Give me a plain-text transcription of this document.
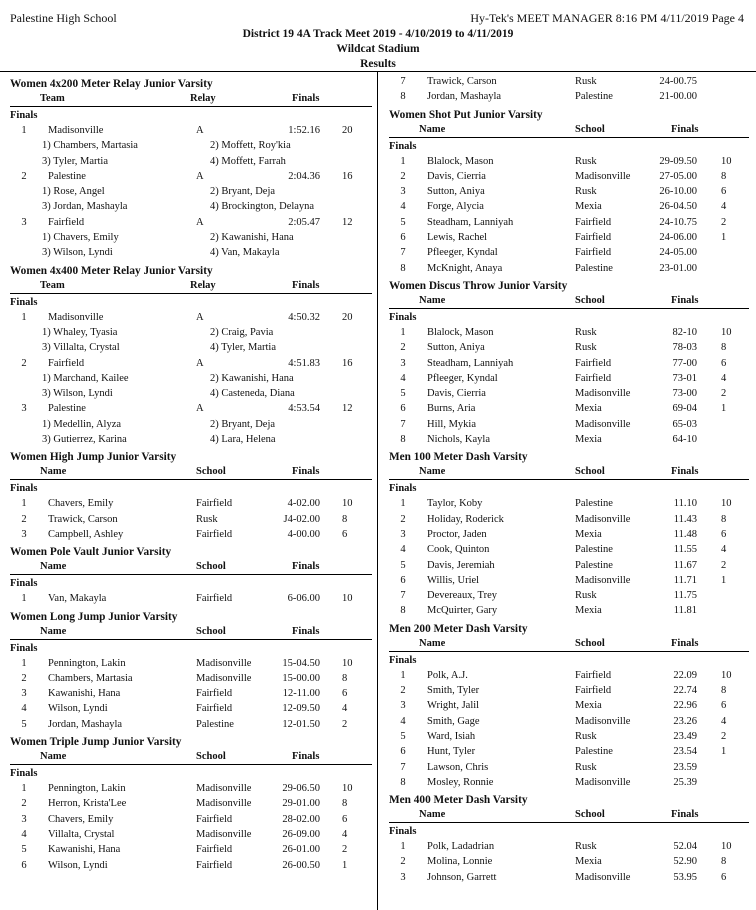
Palestine High School	Hy-Tek's MEET MANAGER 8:16 PM 4/11/2019 Page 4
District 19 4A Track Meet 2019 - 4/10/2019 to 4/11/2019
Wildcat Stadium
Results
Women 4x200 Meter Relay Junior Varsity
Team	Relay	Finals
Finals
1	Madisonville	A	1:52.16 20
1) Chambers, Martasia	2) Moffett, Roy'kia
3) Tyler, Martia	4) Moffett, Farrah
2	Palestine	A	2:04.36 16
1) Rose, Angel	2) Bryant, Deja
3) Jordan, Mashayla	4) Brockington, Delayna
3	Fairfield	A	2:05.47 12
1) Chavers, Emily	2) Kawanishi, Hana
3) Wilson, Lyndi	4) Van, Makayla
Women 4x400 Meter Relay Junior Varsity
Team	Relay	Finals
Finals
1	Madisonville	A	4:50.32 20
1) Whaley, Tyasia	2) Craig, Pavia
3) Villalta, Crystal	4) Tyler, Martia
2	Fairfield	A	4:51.83 16
1) Marchand, Kailee	2) Kawanishi, Hana
3) Wilson, Lyndi	4) Casteneda, Diana
3	Palestine	A	4:53.54 12
1) Medellin, Alyza	2) Bryant, Deja
3) Gutierrez, Karina	4) Lara, Helena
Women High Jump Junior Varsity
Name	School	Finals
Finals
1	Chavers, Emily	Fairfield	4-02.00 10
2	Trawick, Carson	Rusk	J4-02.00 8
3	Campbell, Ashley	Fairfield	4-00.00 6
Women Pole Vault Junior Varsity
Name	School	Finals
Finals
1	Van, Makayla	Fairfield	6-06.00 10
Women Long Jump Junior Varsity
Name	School	Finals
Finals
1	Pennington, Lakin	Madisonville	15-04.50 10
2	Chambers, Martasia	Madisonville	15-00.00 8
3	Kawanishi, Hana	Fairfield	12-11.00 6
4	Wilson, Lyndi	Fairfield	12-09.50 4
5	Jordan, Mashayla	Palestine	12-01.50 2
Women Triple Jump Junior Varsity
Name	School	Finals
Finals
1	Pennington, Lakin	Madisonville	29-06.50 10
2	Herron, Krista'Lee	Madisonville	29-01.00 8
3	Chavers, Emily	Fairfield	28-02.00 6
4	Villalta, Crystal	Madisonville	26-09.00 4
5	Kawanishi, Hana	Fairfield	26-01.00 2
6	Wilson, Lyndi	Fairfield	26-00.50 1
7	Trawick, Carson	Rusk	24-00.75
8	Jordan, Mashayla	Palestine	21-00.00
Women Shot Put Junior Varsity
Name	School	Finals
Finals
1	Blalock, Mason	Rusk	29-09.50 10
2	Davis, Cierria	Madisonville	27-05.00 8
3	Sutton, Aniya	Rusk	26-10.00 6
4	Forge, Alycia	Mexia	26-04.50 4
5	Steadham, Lanniyah	Fairfield	24-10.75 2
6	Lewis, Rachel	Fairfield	24-06.00 1
7	Pfleeger, Kyndal	Fairfield	24-05.00
8	McKnight, Anaya	Palestine	23-01.00
Women Discus Throw Junior Varsity
Name	School	Finals
Finals
1	Blalock, Mason	Rusk	82-10 10
2	Sutton, Aniya	Rusk	78-03 8
3	Steadham, Lanniyah	Fairfield	77-00 6
4	Pfleeger, Kyndal	Fairfield	73-01 4
5	Davis, Cierria	Madisonville	73-00 2
6	Burns, Aria	Mexia	69-04 1
7	Hill, Mykia	Madisonville	65-03
8	Nichols, Kayla	Mexia	64-10
Men 100 Meter Dash Varsity
Name	School	Finals
Finals
1	Taylor, Koby	Palestine	11.10 10
2	Holiday, Roderick	Madisonville	11.43 8
3	Proctor, Jaden	Mexia	11.48 6
4	Cook, Quinton	Palestine	11.55 4
5	Davis, Jeremiah	Palestine	11.67 2
6	Willis, Uriel	Madisonville	11.71 1
7	Devereaux, Trey	Rusk	11.75
8	McQuirter, Gary	Mexia	11.81
Men 200 Meter Dash Varsity
Name	School	Finals
Finals
1	Polk, A.J.	Fairfield	22.09 10
2	Smith, Tyler	Fairfield	22.74 8
3	Wright, Jalil	Mexia	22.96 6
4	Smith, Gage	Madisonville	23.26 4
5	Ward, Isiah	Rusk	23.49 2
6	Hunt, Tyler	Palestine	23.54 1
7	Lawson, Chris	Rusk	23.59
8	Mosley, Ronnie	Madisonville	25.39
Men 400 Meter Dash Varsity
Name	School	Finals
Finals
1	Polk, Ladadrian	Rusk	52.04 10
2	Molina, Lonnie	Mexia	52.90 8
3	Johnson, Garrett	Madisonville	53.95 6
